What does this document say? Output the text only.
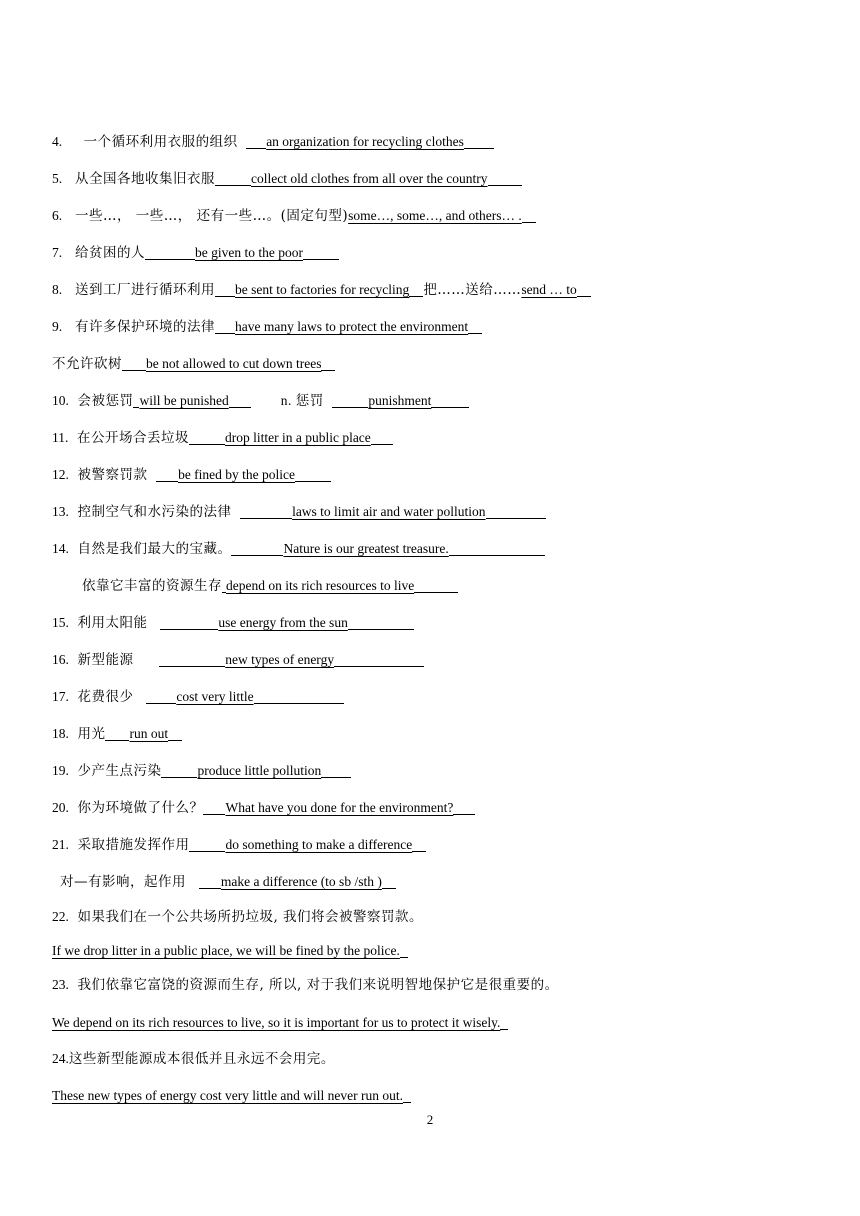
4. 一个循环利用衣服的组织 an organization for recycling clothes
5. 从全国各地收集旧衣服	collect old clothes from all over the country
6. 一些…， 一些…， 还有一些…。(固定句型)some…, some…, and others… .
7. 给贫困的人	be given to the poor
8. 送到工厂进行循环利用 be sent to factories for recycling 把……送给……send … to
9. 有许多保护环境的法律 have many laws to protect the environment
不允许砍树 be not allowed to cut down trees
10. 会被惩罚 will be punished	n. 惩罚	punishment
11. 在公开场合丢垃圾	drop litter in a public place
12. 被警察罚款 be fined by the police
13. 控制空气和水污染的法律	laws to limit air and water pollution
14. 自然是我们最大的宝藏。	Nature is our greatest treasure.
依靠它丰富的资源生存 depend on its rich resources to live
15. 利用太阳能	use energy from the sun
16. 新型能源	new types of energy
17. 花费很少	cost very little
18. 用光 run out
19. 少产生点污染	produce little pollution
20. 你为环境做了什么？ What have you done for the environment?
21. 采取措施发挥作用	do something to make a difference
对—有影响，起作用	make a difference (to sb /sth )
22. 如果我们在一个公共场所扔垃圾, 我们将会被警察罚款。
If we drop litter in a public place, we will be fined by the police.
23. 我们依靠它富饶的资源而生存, 所以, 对于我们来说明智地保护它是很重要的。
We depend on its rich resources to live, so it is important for us to protect it wisely.
24.这些新型能源成本很低并且永远不会用完。
These new types of energy cost very little and will never run out.
2
